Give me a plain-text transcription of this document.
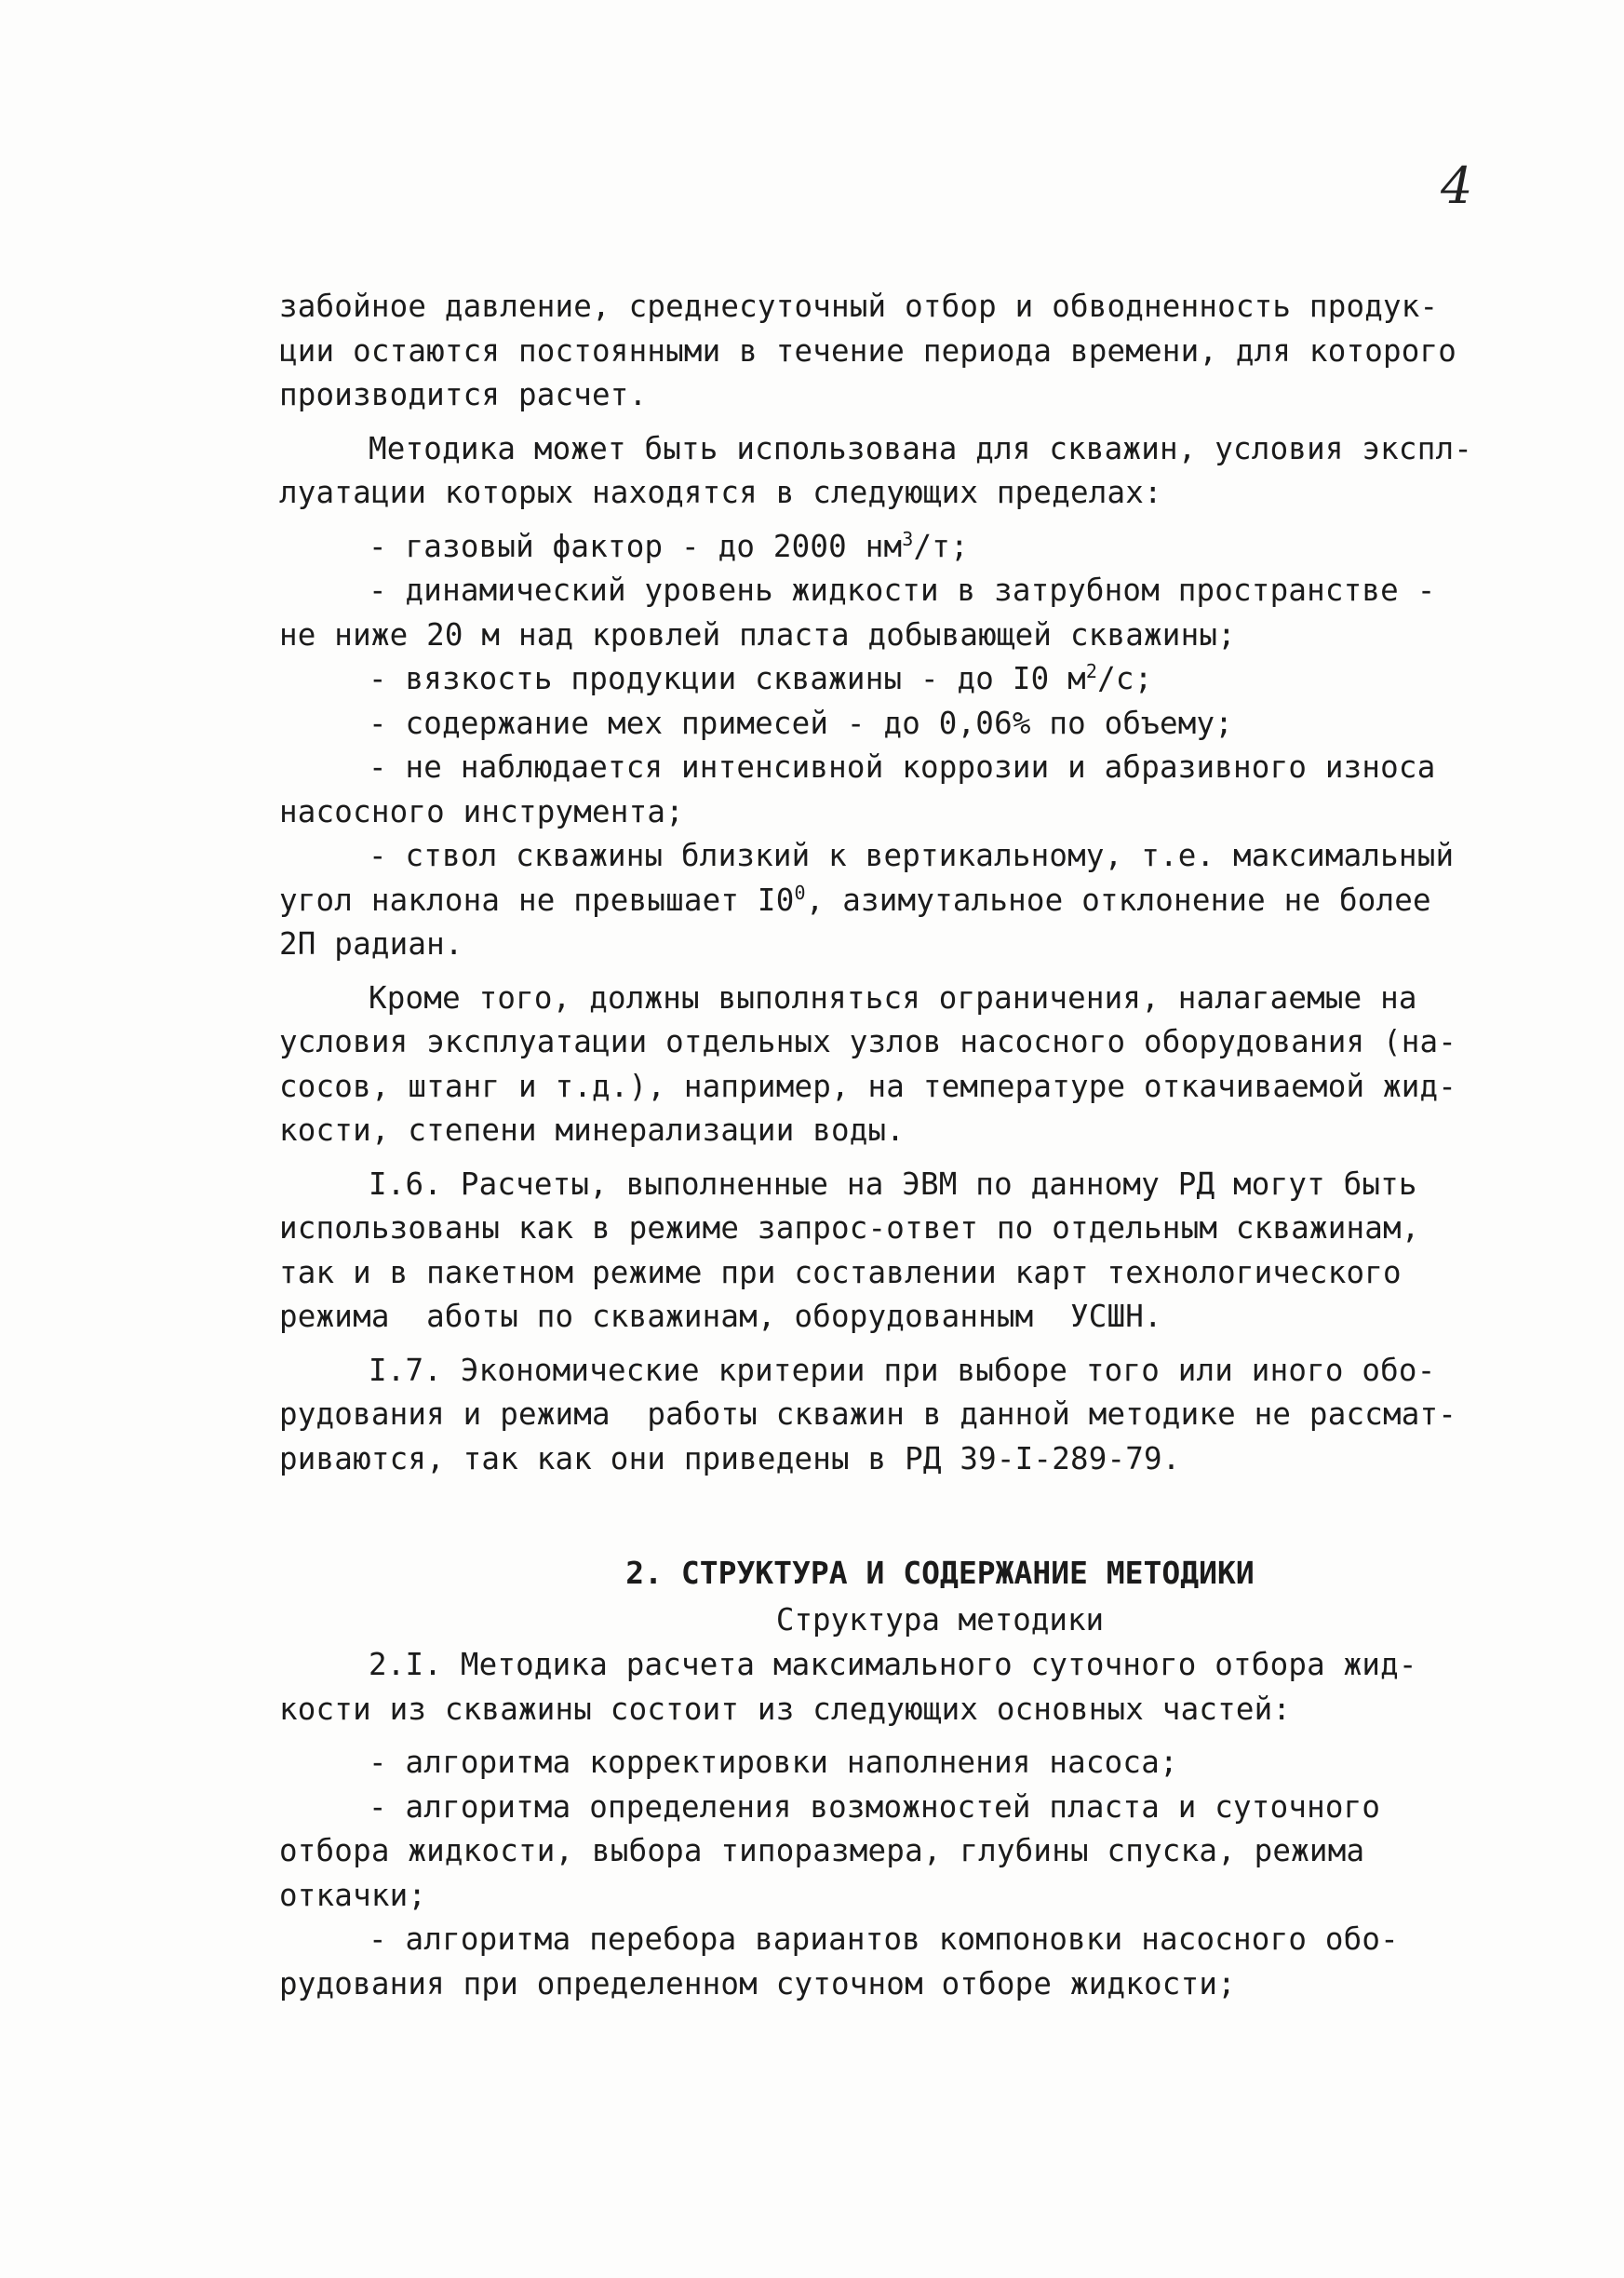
4
забойное давление, среднесуточный отбор и обводненность продук-
ции остаются постоянными в течение периода времени, для которого
производится расчет.
Методика может быть использована для скважин, условия экспл-
луатации которых находятся в следующих пределах:
- газовый фактор - до 2000 $нм^3/т$;
- динамический уровень жидкости в затрубном пространстве -
не ниже 20 м над кровлей пласта добывающей скважины;
- вязкость продукции скважины - до I0 $м^2/с$;
- содержание мех примесей - до 0,06% по объему;
- не наблюдается интенсивной коррозии и абразивного износа
насосного инструмента;
- ствол скважины близкий к вертикальному, т.е. максимальный
угол наклона не превышает $I0^0$, азимутальное отклонение не более
2П радиан.
Кроме того, должны выполняться ограничения, налагаемые на
условия эксплуатации отдельных узлов насосного оборудования (на-
сосов, штанг и т.д.), например, на температуре откачиваемой жид-
кости, степени минерализации воды.
I.6. Расчеты, выполненные на ЭВМ по данному РД могут быть
использованы как в режиме запрос-ответ по отдельным скважинам,
так и в пакетном режиме при составлении карт технологического
режима  аботы по скважинам, оборудованным  УСШН.
I.7. Экономические критерии при выборе того или иного обо-
рудования и режима  работы скважин в данной методике не рассмат-
риваются, так как они приведены в РД 39-I-289-79.
2. СТРУКТУРА И СОДЕРЖАНИЕ МЕТОДИКИ
Структура методики
2.I. Методика расчета максимального суточного отбора жид-
кости из скважины состоит из следующих основных частей:
- алгоритма корректировки наполнения насоса;
- алгоритма определения возможностей пласта и суточного
отбора жидкости, выбора типоразмера, глубины спуска, режима
откачки;
- алгоритма перебора вариантов компоновки насосного обо-
рудования при определенном суточном отборе жидкости;
